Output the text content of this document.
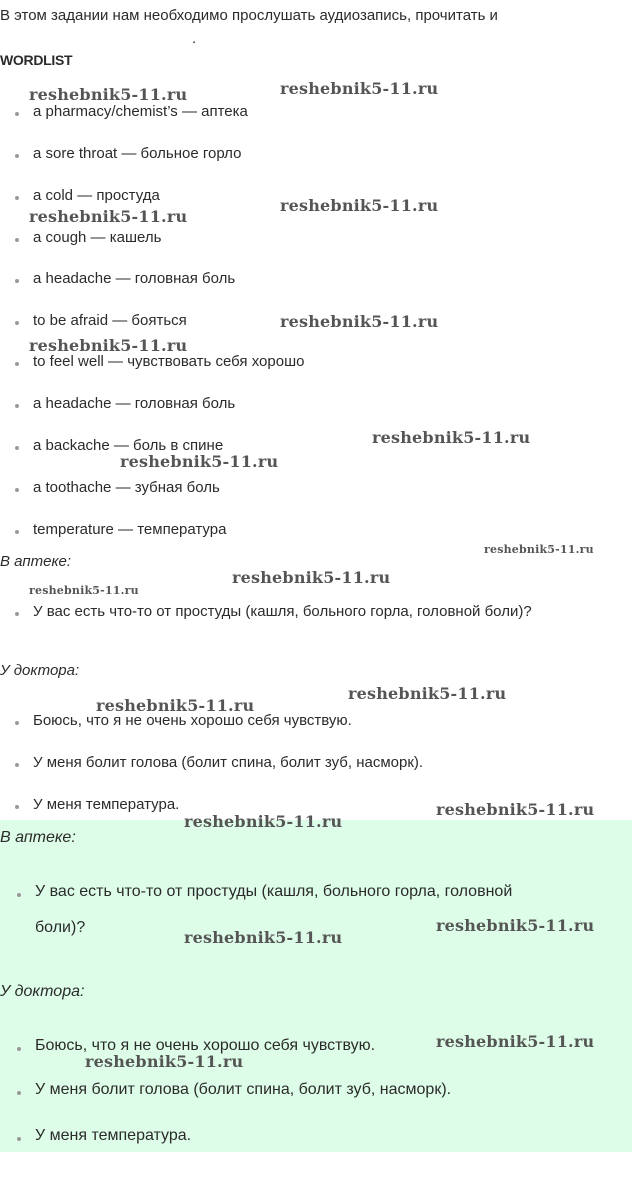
В этом задании нам необходимо прослушать аудиозапись, прочитать и
.
WORDLIST
a pharmacy/chemist’s — аптека
a sore throat — больное горло
a cold — простуда
a cough — кашель
a headache — головная боль
to be afraid — бояться
to feel well — чувствовать себя хорошо
a headache — головная боль
a backache — боль в спине
a toothache — зубная боль
temperature — температура
В аптеке:
У вас есть что-то от простуды (кашля, больного горла, головной боли)?
У доктора:
Боюсь, что я не очень хорошо себя чувствую.
У меня болит голова (болит спина, болит зуб, насморк).
У меня температура.
В аптеке:
У вас есть что-то от простуды (кашля, больного горла, головной
боли)?
У доктора:
Боюсь, что я не очень хорошо себя чувствую.
У меня болит голова (болит спина, болит зуб, насморк).
У меня температура.
reshebnik5-11.ru	reshebnik5-11.ru
reshebnik5-11.ru
reshebnik5-11.ru
reshebnik5-11.ru
reshebnik5-11.ru
reshebnik5-11.ru
reshebnik5-11.ru
reshebnik5-11.ru
reshebnik5-11.ru
reshebnik5-11.ru
reshebnik5-11.ru
reshebnik5-11.ru
reshebnik5-11.ru
reshebnik5-11.ru
reshebnik5-11.ru
reshebnik5-11.ru
reshebnik5-11.ru
reshebnik5-11.ru
